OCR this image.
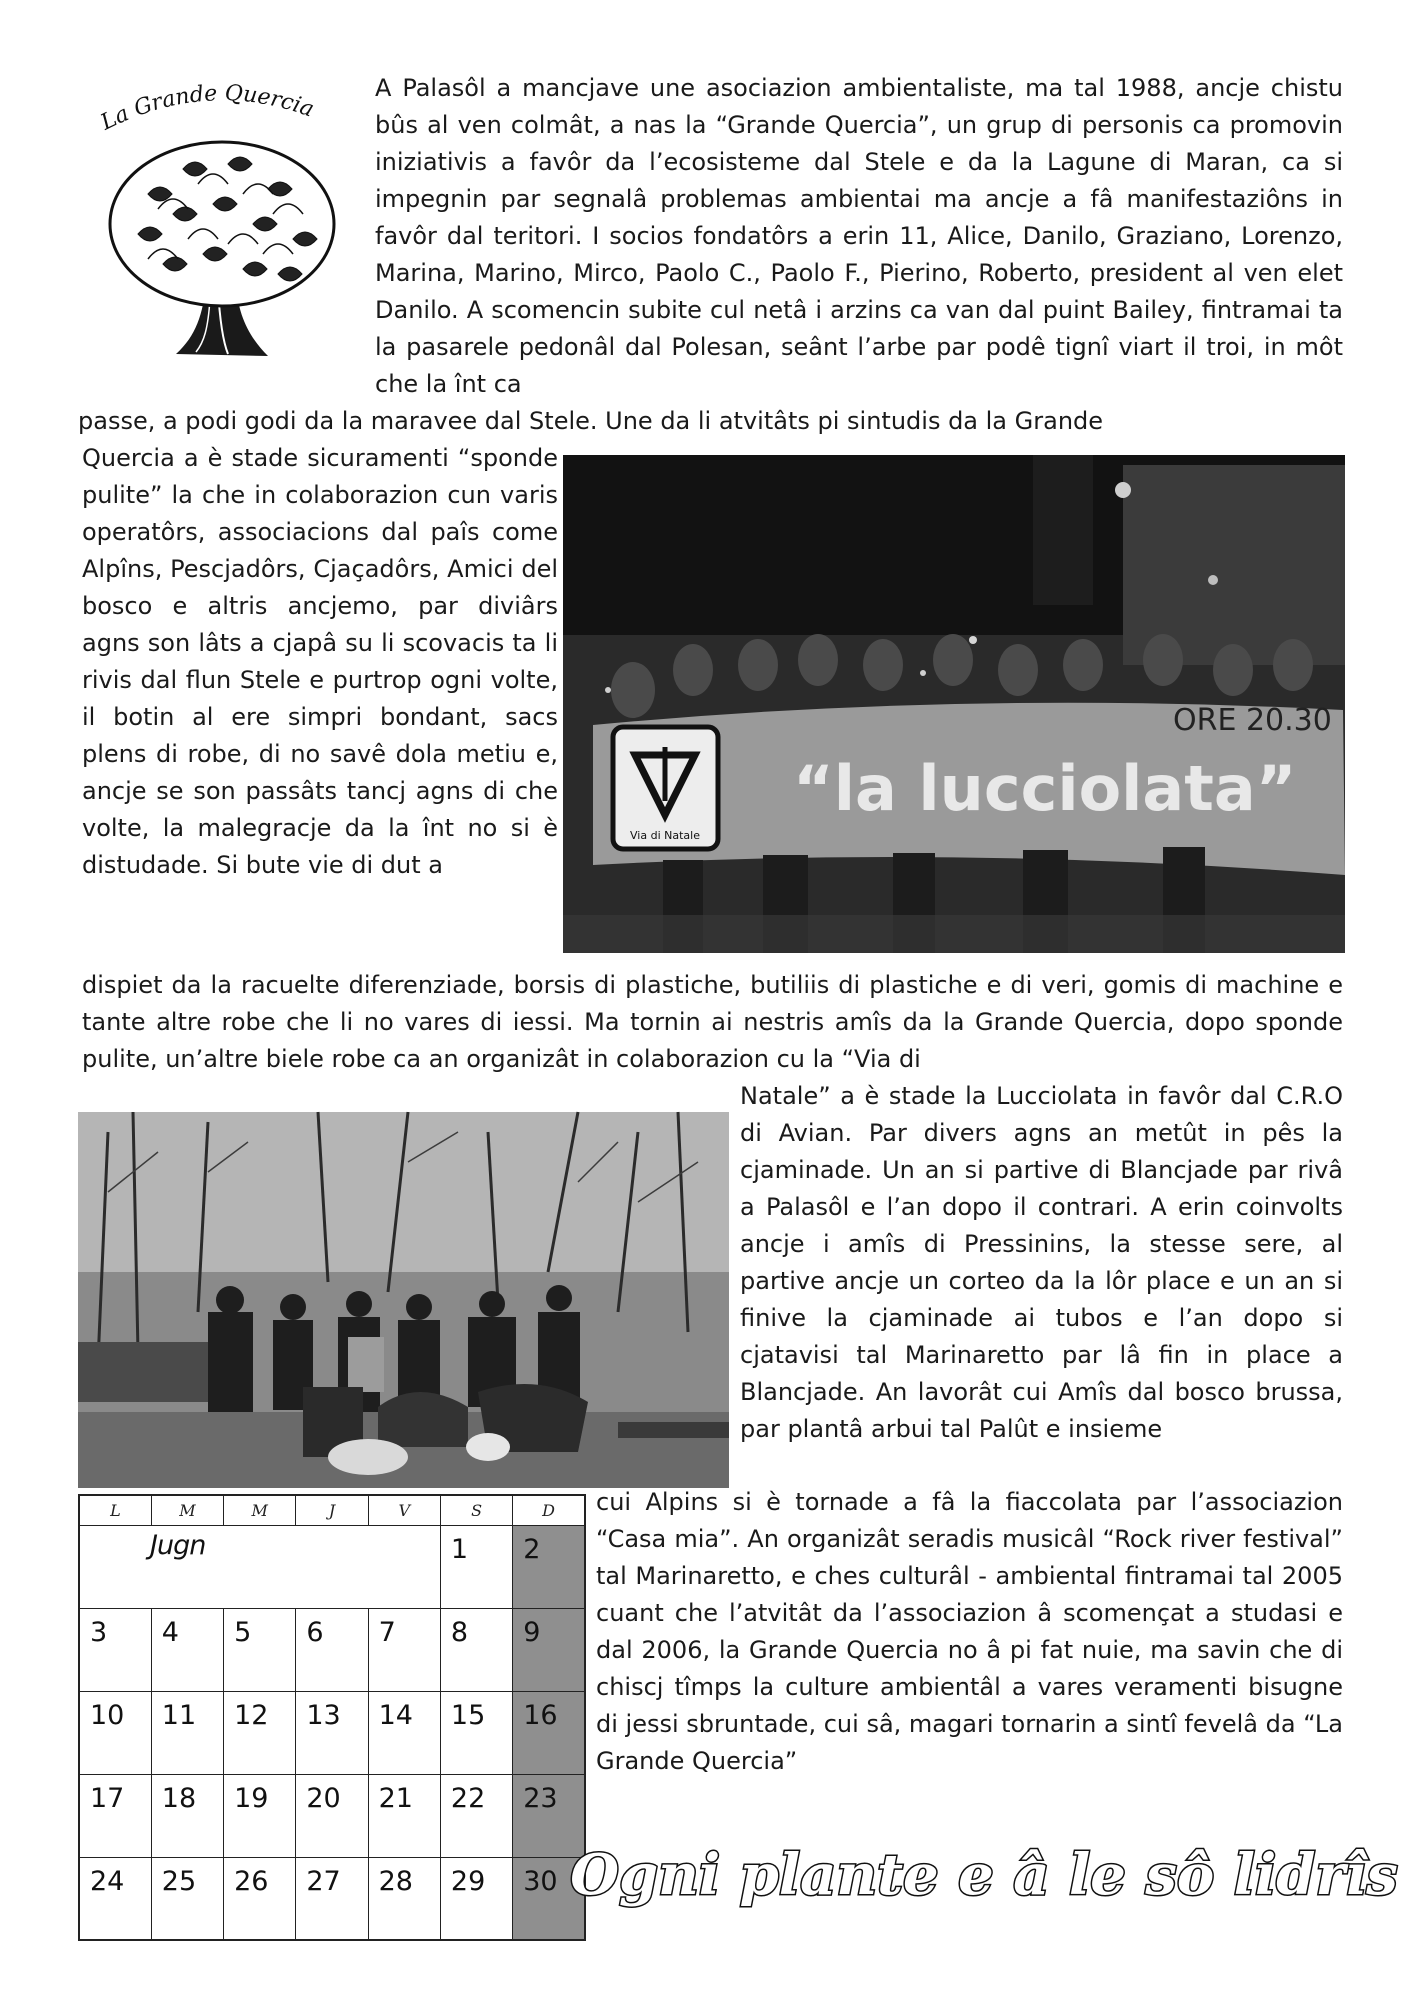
La Grande Quercia
A Palasôl a mancjave une asociazion ambientaliste, ma tal 1988, ancje chistu bûs al ven colmât, a nas la “Grande Quercia”, un grup di personis ca promovin iniziativis a favôr da l’ecosisteme dal Stele e da la Lagune di Maran, ca si impegnin par segnalâ problemas ambientai ma ancje a fâ manifestaziôns in favôr dal teritori. I socios fondatôrs a erin 11, Alice, Danilo, Graziano, Lorenzo, Marina, Marino, Mirco, Paolo C., Paolo F., Pierino, Roberto, president al ven elet Danilo. A scomencin subite cul netâ i arzins ca van dal puint Bailey, fintramai ta la pasarele pedonâl dal Polesan, seânt l’arbe par podê tignî viart il troi, in môt che la înt ca
passe, a podi godi da la maravee dal Stele. Une da li atvitâts pi sintudis da la Grande
Quercia a è stade sicuramenti “sponde pulite” la che in colaborazion cun varis operatôrs, associacions dal paîs come Alpîns, Pescjadôrs, Cjaçadôrs, Amici del bosco e altris ancjemo, par diviârs agns son lâts a cjapâ su li scovacis ta li rivis dal flun Stele e purtrop ogni volte, il botin al ere simpri bondant, sacs plens di robe, di no savê dola metiu e, ancje se son passâts tancj agns di che volte, la malegracje da la înt no si è distudade. Si bute vie di dut a
dispiet da la racuelte diferenziade, borsis di plastiche, butiliis di plastiche e di veri, gomis di machine e tante altre robe che li no vares di iessi. Ma tornin ai nestris amîs da la Grande Quercia, dopo sponde pulite, un’altre biele robe ca an organizât in colaborazion cu la “Via di
Natale” a è stade la Lucciolata in favôr dal C.R.O di Avian. Par divers agns an metût in pês la cjaminade. Un an si partive di Blancjade par rivâ a Palasôl e l’an dopo il contrari. A erin coinvolts ancje i amîs di Pressinins, la stesse sere, al partive ancje un corteo da la lôr place e un an si finive la cjaminade ai tubos e l’an dopo si cjatavisi tal Marinaretto par lâ fin in place a Blancjade. An lavorât cui Amîs dal bosco brussa, par plantâ arbui tal Palût e insieme
cui Alpins si è tornade a fâ la fiaccolata par l’associazion “Casa mia”. An organizât seradis musicâl “Rock river festival” tal Marinaretto, e ches culturâl - ambiental fintramai tal 2005 cuant che l’atvitât da l’associazion â scomençat a studasi e dal 2006, la Grande Quercia no â pi fat nuie, ma savin che di chiscj tîmps la culture ambientâl a vares veramenti bisugne di jessi sbruntade, cui sâ, magari tornarin a sintî fevelâ da “La Grande Quercia”
Via di Natale
“la lucciolata”
ORE 20.30
L	M	M	J	V	S	D
Jugn					1	2
3	4	5	6	7	8	9
10	11	12	13	14	15	16
17	18	19	20	21	22	23
24	25	26	27	28	29	30 Ogni plante e â le sô lidrîs
